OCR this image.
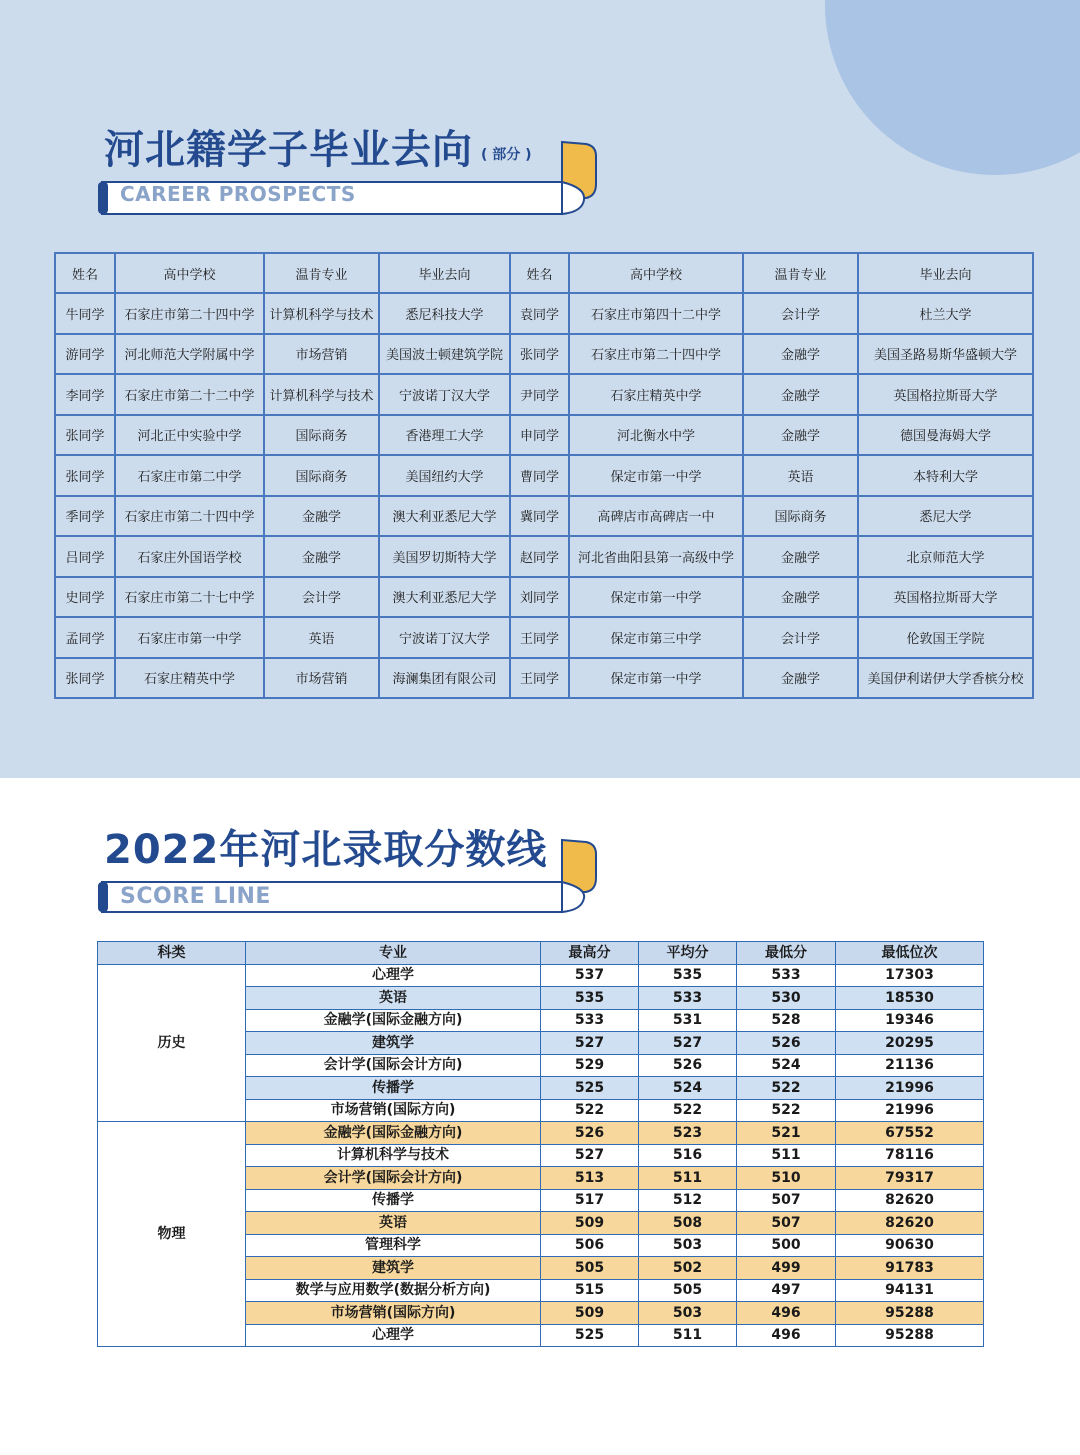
河北籍学子毕业去向 ( 部分 )
CAREER PROSPECTS
姓名	高中学校	温肯专业	毕业去向	姓名	高中学校	温肯专业	毕业去向
牛同学	石家庄市第二十四中学	计算机科学与技术	悉尼科技大学	袁同学	石家庄市第四十二中学	会计学	杜兰大学
游同学	河北师范大学附属中学	市场营销	美国波士顿建筑学院	张同学	石家庄市第二十四中学	金融学	美国圣路易斯华盛顿大学
李同学	石家庄市第二十二中学	计算机科学与技术	宁波诺丁汉大学	尹同学	石家庄精英中学	金融学	英国格拉斯哥大学
张同学	河北正中实验中学	国际商务	香港理工大学	申同学	河北衡水中学	金融学	德国曼海姆大学
张同学	石家庄市第二中学	国际商务	美国纽约大学	曹同学	保定市第一中学	英语	本特利大学
季同学	石家庄市第二十四中学	金融学	澳大利亚悉尼大学	冀同学	高碑店市高碑店一中	国际商务	悉尼大学
吕同学	石家庄外国语学校	金融学	美国罗切斯特大学	赵同学	河北省曲阳县第一高级中学	金融学	北京师范大学
史同学	石家庄市第二十七中学	会计学	澳大利亚悉尼大学	刘同学	保定市第一中学	金融学	英国格拉斯哥大学
孟同学	石家庄市第一中学	英语	宁波诺丁汉大学	王同学	保定市第三中学	会计学	伦敦国王学院
张同学	石家庄精英中学	市场营销	海澜集团有限公司	王同学	保定市第一中学	金融学	美国伊利诺伊大学香槟分校
2022年河北录取分数线
SCORE LINE
科类	专业	最高分	平均分	最低分	最低位次
历史	心理学	537	535	533	17303
	英语	535	533	530	18530
	金融学(国际金融方向)	533	531	528	19346
	建筑学	527	527	526	20295
	会计学(国际会计方向)	529	526	524	21136
	传播学	525	524	522	21996
	市场营销(国际方向)	522	522	522	21996
物理	金融学(国际金融方向)	526	523	521	67552
	计算机科学与技术	527	516	511	78116
	会计学(国际会计方向)	513	511	510	79317
	传播学	517	512	507	82620
	英语	509	508	507	82620
	管理科学	506	503	500	90630
	建筑学	505	502	499	91783
	数学与应用数学(数据分析方向)	515	505	497	94131
	市场营销(国际方向)	509	503	496	95288
	心理学	525	511	496	95288
